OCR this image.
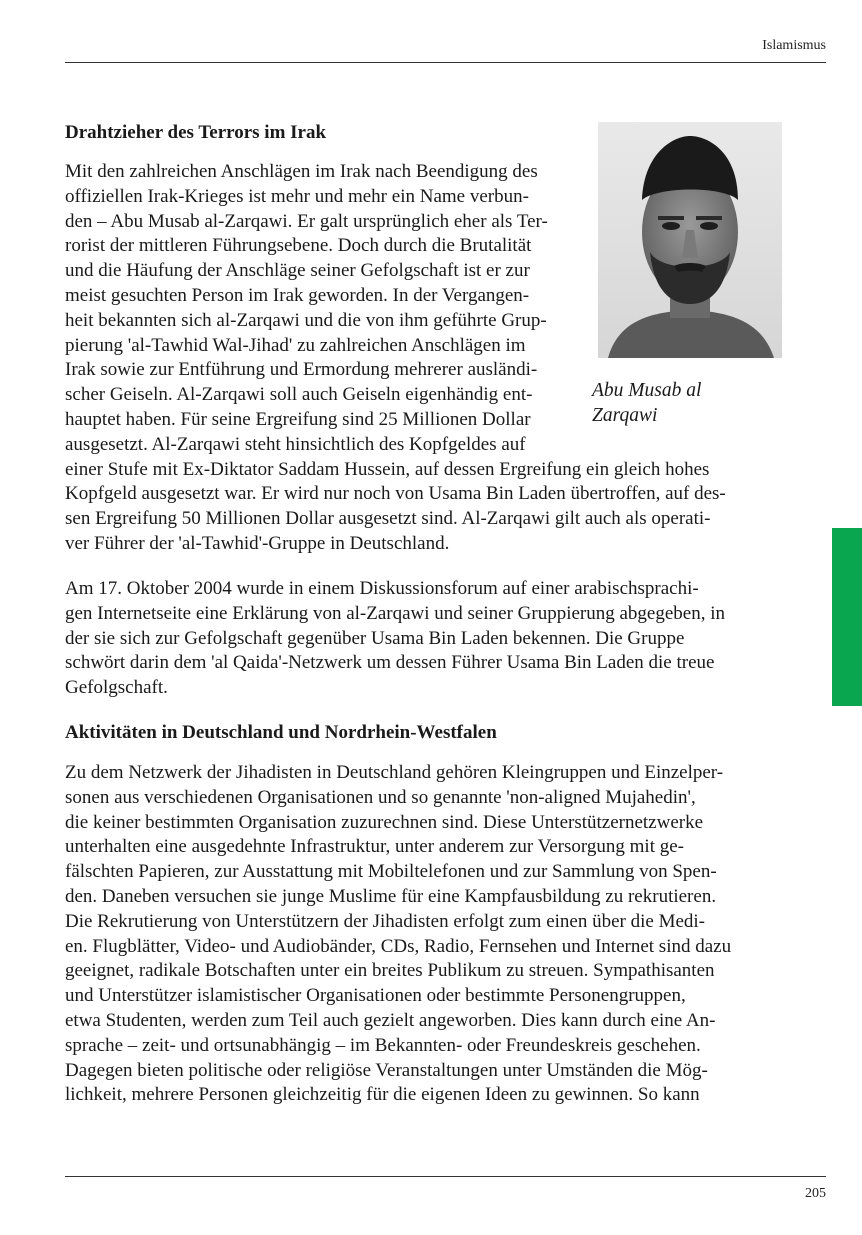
Islamismus
Abu Musab al
Zarqawi
Drahtzieher des Terrors im Irak

Mit den zahlreichen Anschlägen im Irak nach Beendigung des
offiziellen Irak-Krieges ist mehr und mehr ein Name verbun-
den – Abu Musab al-Zarqawi. Er galt ursprünglich eher als Ter-
rorist der mittleren Führungsebene. Doch durch die Brutalität
und die Häufung der Anschläge seiner Gefolgschaft ist er zur
meist gesuchten Person im Irak geworden. In der Vergangen-
heit bekannten sich al-Zarqawi und die von ihm geführte Grup-
pierung 'al-Tawhid Wal-Jihad' zu zahlreichen Anschlägen im
Irak sowie zur Entführung und Ermordung mehrerer ausländi-
scher Geiseln. Al-Zarqawi soll auch Geiseln eigenhändig ent-
hauptet haben. Für seine Ergreifung sind 25 Millionen Dollar
ausgesetzt. Al-Zarqawi steht hinsichtlich des Kopfgeldes auf
einer Stufe mit Ex-Diktator Saddam Hussein, auf dessen Ergreifung ein gleich hohes
Kopfgeld ausgesetzt war. Er wird nur noch von Usama Bin Laden übertroffen, auf des-
sen Ergreifung 50 Millionen Dollar ausgesetzt sind. Al-Zarqawi gilt auch als operati-
ver Führer der 'al-Tawhid'-Gruppe in Deutschland.

Am 17. Oktober 2004 wurde in einem Diskussionsforum auf einer arabischsprachi-
gen Internetseite eine Erklärung von al-Zarqawi und seiner Gruppierung abgegeben, in
der sie sich zur Gefolgschaft gegenüber Usama Bin Laden bekennen. Die Gruppe
schwört darin dem 'al Qaida'-Netzwerk um dessen Führer Usama Bin Laden die treue
Gefolgschaft.

Aktivitäten in Deutschland und Nordrhein-Westfalen

Zu dem Netzwerk der Jihadisten in Deutschland gehören Kleingruppen und Einzelper-
sonen aus verschiedenen Organisationen und so genannte 'non-aligned Mujahedin',
die keiner bestimmten Organisation zuzurechnen sind. Diese Unterstützernetzwerke
unterhalten eine ausgedehnte Infrastruktur, unter anderem zur Versorgung mit ge-
fälschten Papieren, zur Ausstattung mit Mobiltelefonen und zur Sammlung von Spen-
den. Daneben versuchen sie junge Muslime für eine Kampfausbildung zu rekrutieren.
Die Rekrutierung von Unterstützern der Jihadisten erfolgt zum einen über die Medi-
en. Flugblätter, Video- und Audiobänder, CDs, Radio, Fernsehen und Internet sind dazu
geeignet, radikale Botschaften unter ein breites Publikum zu streuen. Sympathisanten
und Unterstützer islamistischer Organisationen oder bestimmte Personengruppen,
etwa Studenten, werden zum Teil auch gezielt angeworben. Dies kann durch eine An-
sprache – zeit- und ortsunabhängig – im Bekannten- oder Freundeskreis geschehen.
Dagegen bieten politische oder religiöse Veranstaltungen unter Umständen die Mög-
lichkeit, mehrere Personen gleichzeitig für die eigenen Ideen zu gewinnen. So kann

205
